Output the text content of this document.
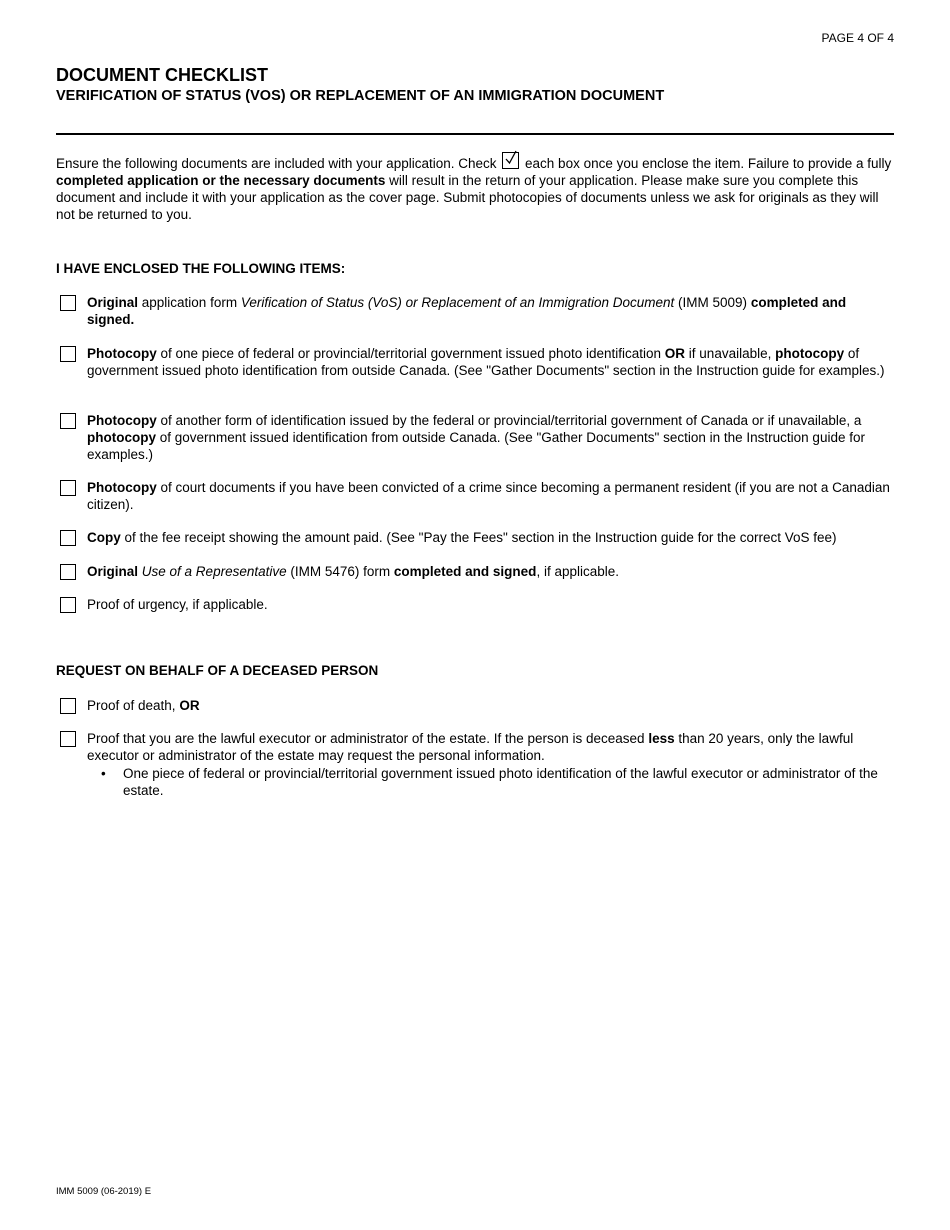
PAGE 4 OF 4
DOCUMENT CHECKLIST
VERIFICATION OF STATUS (VOS) OR REPLACEMENT OF AN IMMIGRATION DOCUMENT

Ensure the following documents are included with your application. Check each box once you enclose the item. Failure to provide a fully completed application or the necessary documents will result in the return of your application. Please make sure you complete this document and include it with your application as the cover page. Submit photocopies of documents unless we ask for originals as they will not be returned to you.

I HAVE ENCLOSED THE FOLLOWING ITEMS:
Original application form Verification of Status (VoS) or Replacement of an Immigration Document (IMM 5009) completed and signed.
Photocopy of one piece of federal or provincial/territorial government issued photo identification OR if unavailable, photocopy of government issued photo identification from outside Canada. (See "Gather Documents" section in the Instruction guide for examples.)
Photocopy of another form of identification issued by the federal or provincial/territorial government of Canada or if unavailable, a photocopy of government issued identification from outside Canada. (See "Gather Documents" section in the Instruction guide for examples.)
Photocopy of court documents if you have been convicted of a crime since becoming a permanent resident (if you are not a Canadian citizen).
Copy of the fee receipt showing the amount paid. (See "Pay the Fees" section in the Instruction guide for the correct VoS fee)
Original Use of a Representative (IMM 5476) form completed and signed, if applicable.
Proof of urgency, if applicable.
REQUEST ON BEHALF OF A DECEASED PERSON
Proof of death, OR
Proof that you are the lawful executor or administrator of the estate. If the person is deceased less than 20 years, only the lawful executor or administrator of the estate may request the personal information.
• One piece of federal or provincial/territorial government issued photo identification of the lawful executor or administrator of the estate.
IMM 5009 (06-2019) E
